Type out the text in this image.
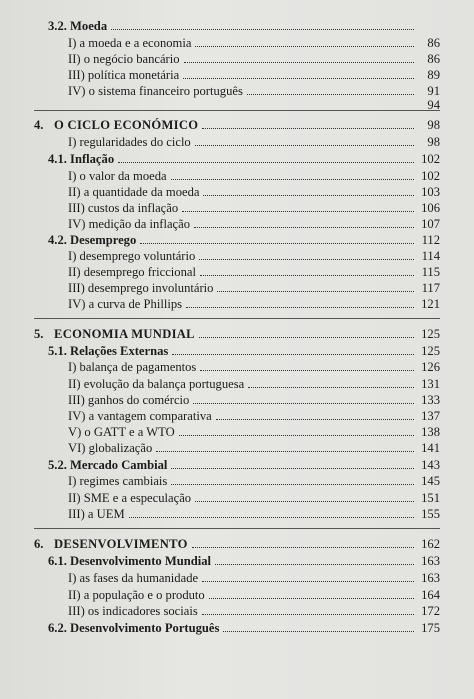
3.2. Moeda
I) a moeda e a economia	86
II) o negócio bancário	86
III) política monetária	89
IV) o sistema financeiro português	91
94
4. O CICLO ECONÓMICO	98
I) regularidades do ciclo	98
4.1. Inflação	102
I) o valor da moeda	102
II) a quantidade da moeda	103
III) custos da inflação	106
IV) medição da inflação	107
4.2. Desemprego	112
I) desemprego voluntário	114
II) desemprego friccional	115
III) desemprego involuntário	117
IV) a curva de Phillips	121
5. ECONOMIA MUNDIAL	125
5.1. Relações Externas	125
I) balança de pagamentos	126
II) evolução da balança portuguesa	131
III) ganhos do comércio	133
IV) a vantagem comparativa	137
V) o GATT e a WTO	138
VI) globalização	141
5.2. Mercado Cambial	143
I) regimes cambiais	145
II) SME e a especulação	151
III) a UEM	155
6. DESENVOLVIMENTO	162
6.1. Desenvolvimento Mundial	163
I) as fases da humanidade	163
II) a população e o produto	164
III) os indicadores sociais	172
6.2. Desenvolvimento Português	175
